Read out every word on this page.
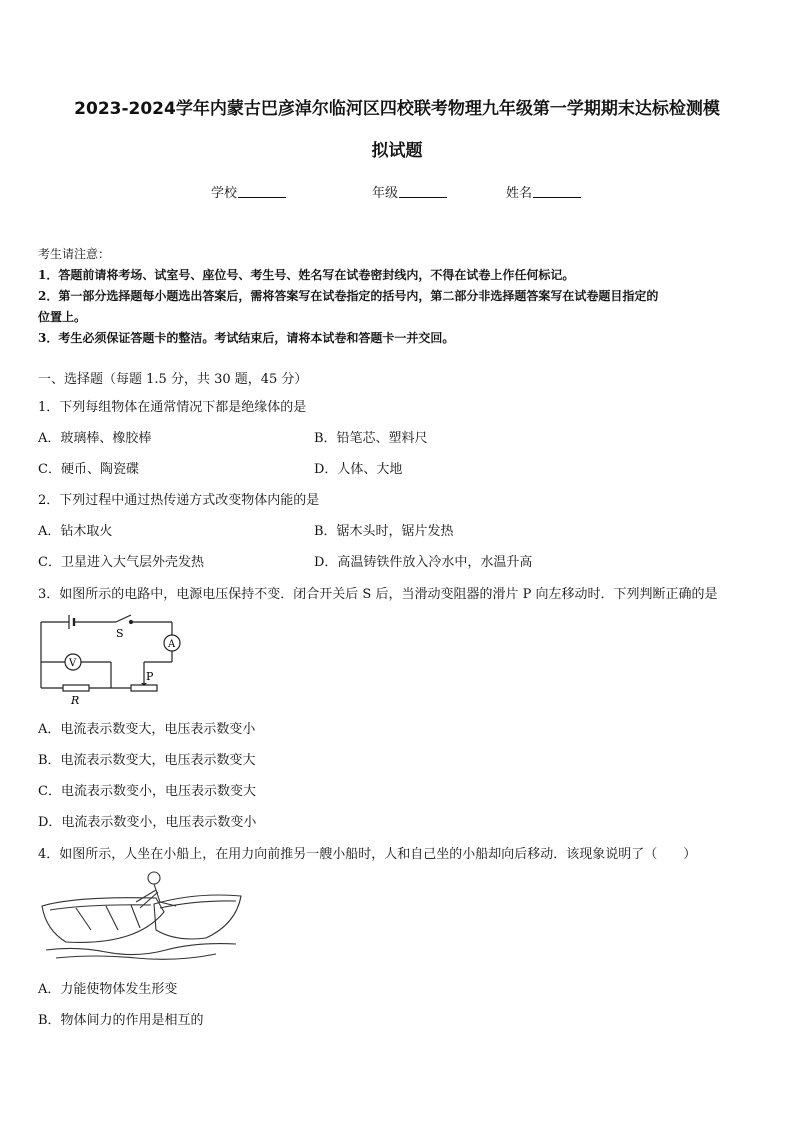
2023-2024学年内蒙古巴彦淖尔临河区四校联考物理九年级第一学期期末达标检测模
拟试题
学校	年级	姓名

考生请注意：

1．答题前请将考场、试室号、座位号、考生号、姓名写在试卷密封线内，不得在试卷上作任何标记。

2．第一部分选择题每小题选出答案后，需将答案写在试卷指定的括号内，第二部分非选择题答案写在试卷题目指定的

位置上。

3．考生必须保证答题卡的整洁。考试结束后，请将本试卷和答题卡一并交回。

一、选择题（每题 1.5 分，共 30 题，45 分）
1．下列每组物体在通常情况下都是绝缘体的是
A．玻璃棒、橡胶棒	B．铅笔芯、塑料尺
C．硬币、陶瓷碟	D．人体、大地
2．下列过程中通过热传递方式改变物体内能的是
A．钻木取火	B．锯木头时，锯片发热
C．卫星进入大气层外壳发热	D．高温铸铁件放入冷水中，水温升高
3．如图所示的电路中，电源电压保持不变．闭合开关后 S 后，当滑动变阻器的滑片 P 向左移动时．下列判断正确的是
S
A
V
P
R
A．电流表示数变大，电压表示数变小
B．电流表示数变大，电压表示数变大
C．电流表示数变小，电压表示数变大
D．电流表示数变小，电压表示数变小
4．如图所示，人坐在小船上，在用力向前推另一艘小船时，人和自己坐的小船却向后移动．该现象说明了（　　）
A．力能使物体发生形变
B．物体间力的作用是相互的
